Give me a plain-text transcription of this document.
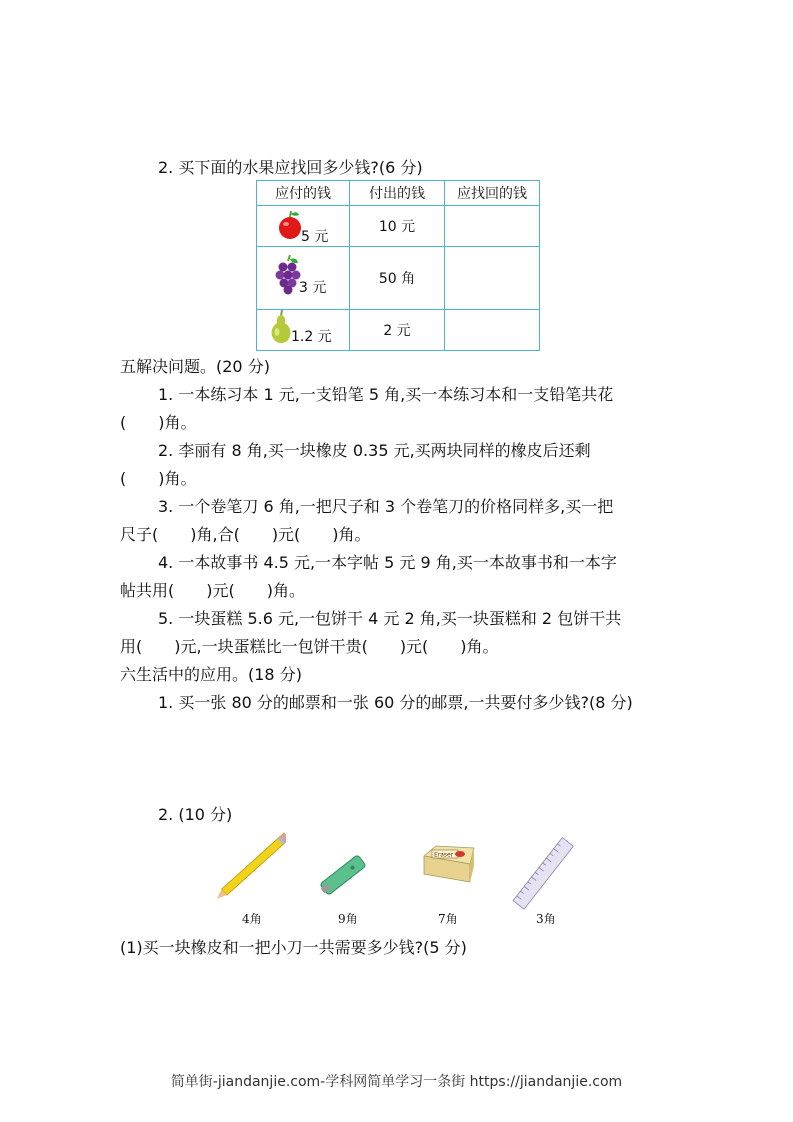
2. 买下面的水果应找回多少钱?(6 分)
应付的钱	付出的钱	应找回的钱

5 元	10 元	

3 元	50 角	

1.2 元	2 元	
五解决问题。(20 分)
1. 一本练习本 1 元,一支铅笔 5 角,买一本练习本和一支铅笔共花
(　　)角。
2. 李丽有 8 角,买一块橡皮 0.35 元,买两块同样的橡皮后还剩
(　　)角。
3. 一个卷笔刀 6 角,一把尺子和 3 个卷笔刀的价格同样多,买一把
尺子(　　)角,合(　　)元(　　)角。
4. 一本故事书 4.5 元,一本字帖 5 元 9 角,买一本故事书和一本字
帖共用(　　)元(　　)角。
5. 一块蛋糕 5.6 元,一包饼干 4 元 2 角,买一块蛋糕和 2 包饼干共
用(　　)元,一块蛋糕比一包饼干贵(　　)元(　　)角。
六生活中的应用。(18 分)
1. 买一张 80 分的邮票和一张 60 分的邮票,一共要付多少钱?(8 分)
2. (10 分)
Eraser
4角	9角	7角	3角
(1)买一块橡皮和一把小刀一共需要多少钱?(5 分)
简单街-jiandanjie.com-学科网简单学习一条街 https://jiandanjie.com
